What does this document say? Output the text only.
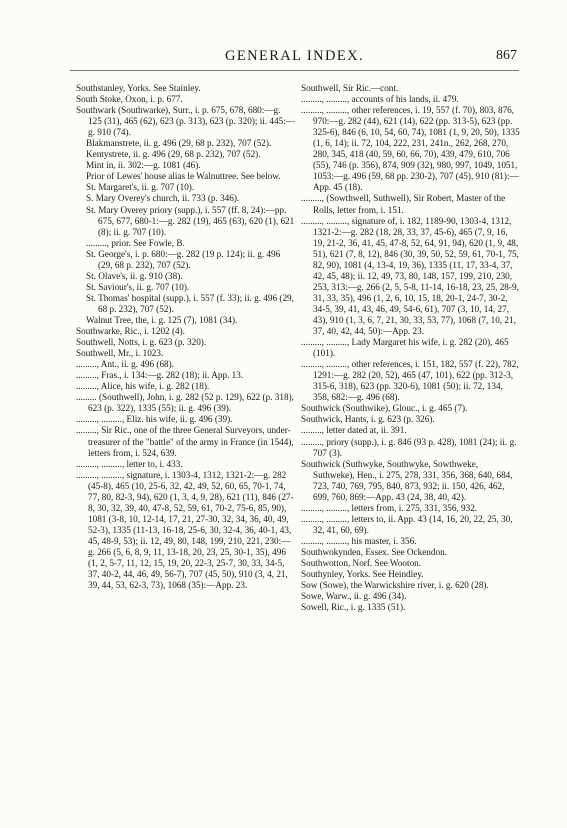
GENERAL INDEX.	867

Southstanley, Yorks. See Stainley.

South Stoke, Oxon, i. p. 677.

Southwark (Southwarke), Surr., i. p. 675, 678, 680:—g. 125 (31), 465 (62), 623 (p. 313), 623 (p. 320); ii. 445:—g. 910 (74).

Blakmanstrete, ii. g. 496 (29, 68 p. 232), 707 (52).

Kentystrete, ii. g. 496 (29, 68 p. 232), 707 (52).

Mint in, ii. 302:—g. 1081 (46).

Prior of Lewes' house alias le Walnuttree. See below.

St. Margaret's, ii. g. 707 (10).

S. Mary Overey's church, ii. 733 (p. 346).

St. Mary Overey priory (supp.), i. 557 (ff. 8, 24):—pp. 675, 677, 680-1:—g. 282 (19), 465 (63), 620 (1), 621 (8); ii. g. 707 (10).

........., prior. See Fowle, B.

St. George's, i. p. 680:—g. 282 (19 p. 124); ii. g. 496 (29, 68 p. 232), 707 (52).

St. Olave's, ii. g. 910 (38).

St. Saviour's, ii. g. 707 (10).

St. Thomas' hospital (supp.), i. 557 (f. 33); ii. g. 496 (29, 68 p. 232), 707 (52).

Walnut Tree, the, i. g. 125 (7), 1081 (34).

Southwarke, Ric., i. 1202 (4).

Southwell, Notts, i. g. 623 (p. 320).

Southwell, Mr., i. 1023.

........., Ant., ii. g. 496 (68).

........., Fras., i. 134:—g. 282 (18); ii. App. 13.

........., Alice, his wife, i. g. 282 (18).

......... (Southwell), John, i. g. 282 (52 p. 129), 622 (p. 318), 623 (p. 322), 1335 (55); ii. g. 496 (39).

........., ........., Eliz. his wife, ii. g. 496 (39).

........., Sir Ric., one of the three General Surveyors, under-treasurer of the "battle" of the army in France (in 1544), letters from, i. 524, 639.

........., ........., letter to, i. 433.

........., ........., signature, i. 1303-4, 1312, 1321-2:—g. 282 (45-8), 465 (10, 25-6, 32, 42, 49, 52, 60, 65, 70-1, 74, 77, 80, 82-3, 94), 620 (1, 3, 4, 9, 28), 621 (11), 846 (27-8, 30, 32, 39, 40, 47-8, 52, 59, 61, 70-2, 75-6, 85, 90), 1081 (3-8, 10, 12-14, 17, 21, 27-30, 32, 34, 36, 40, 49, 52-3), 1335 (11-13, 16-18, 25-6, 30, 32-4, 36, 40-1, 43, 45, 48-9, 53); ii. 12, 49, 80, 148, 199, 210, 221, 230:—g. 266 (5, 6, 8, 9, 11, 13-18, 20, 23, 25, 30-1, 35), 496 (1, 2, 5-7, 11, 12, 15, 19, 20, 22-3, 25-7, 30, 33, 34-5, 37, 40-2, 44, 46, 49, 56-7), 707 (45, 50), 910 (3, 4, 21, 39, 44, 53, 62-3, 73), 1068 (35):—App. 23.

Southwell, Sir Ric.—cont.

........., ........., accounts of his lands, ii. 479.

........., ........., other references, i. 19, 557 (f. 70), 803, 876, 970:—g. 282 (44), 621 (14), 622 (pp. 313-5), 623 (pp. 325-6), 846 (6, 10, 54, 60, 74), 1081 (1, 9, 20, 50), 1335 (1, 6, 14); ii. 72, 104, 222, 231, 241n., 262, 268, 270, 280, 345, 418 (40, 59, 60, 66, 70), 439, 479, 610, 706 (55), 746 (p. 356), 874, 909 (32), 980, 997, 1049, 1051, 1053:—g. 496 (59, 68 pp. 230-2), 707 (45), 910 (81):—App. 45 (18).

........., (Sowthwell, Suthwell), Sir Robert, Master of the Rolls, letter from, i. 151.

........., ........., signature of, i. 182, 1189-90, 1303-4, 1312, 1321-2:—g. 282 (18, 28, 33, 37, 45-6), 465 (7, 9, 16, 19, 21-2, 36, 41, 45, 47-8, 52, 64, 91, 94), 620 (1, 9, 48, 51), 621 (7, 8, 12), 846 (30, 39, 50, 52, 59, 61, 70-1, 75, 82, 90), 1081 (4, 13-4, 19, 36), 1335 (11, 17, 33-4, 37, 42, 45, 48); ii. 12, 49, 73, 80, 148, 157, 199, 210, 230, 253, 313:—g. 266 (2, 5, 5-8, 11-14, 16-18, 23, 25, 28-9, 31, 33, 35), 496 (1, 2, 6, 10, 15, 18, 20-1, 24-7, 30-2, 34-5, 39, 41, 43, 46, 49, 54-6, 61), 707 (3, 10, 14, 27, 43), 910 (1, 3, 6, 7, 21, 30, 33, 53, 77), 1068 (7, 10, 21, 37, 40, 42, 44, 50):—App. 23.

........., ........., Lady Margaret his wife, i. g. 282 (20), 465 (101).

........., ........., other references, i. 151, 182, 557 (f. 22), 782, 1291:—g. 282 (20, 52), 465 (47, 101), 622 (pp. 312-3, 315-6, 318), 623 (pp. 320-6), 1081 (50); ii. 72, 134, 358, 682:—g. 496 (68).

Southwick (Southwike), Glouc., i. g. 465 (7).

Southwick, Hants, i. g. 623 (p. 326).

........., letter dated at, ii. 391.

........., priory (supp.), i. g. 846 (93 p. 428), 1081 (24); ii. g. 707 (3).

Southwick (Suthwyke, Southwyke, Sowthweke, Suthweke), Hen., i. 275, 278, 331, 356, 368, 640, 684, 723, 740, 769, 795, 840, 873, 932; ii. 150, 426, 462, 699, 760, 869:—App. 43 (24, 38, 40, 42).

........., ........., letters from, i. 275, 331, 356, 932.

........., ........., letters to, ii. App. 43 (14, 16, 20, 22, 25, 30, 32, 41, 60, 69).

........., ........., his master, i. 356.

Southwokynden, Essex. See Ockendon.

Southwotton, Norf. See Wooton.

Southynley, Yorks. See Heindley.

Sow (Sowe), the Warwickshire river, i. g. 620 (28).

Sowe, Warw., ii. g. 496 (34).

Sowell, Ric., i. g. 1335 (51).
